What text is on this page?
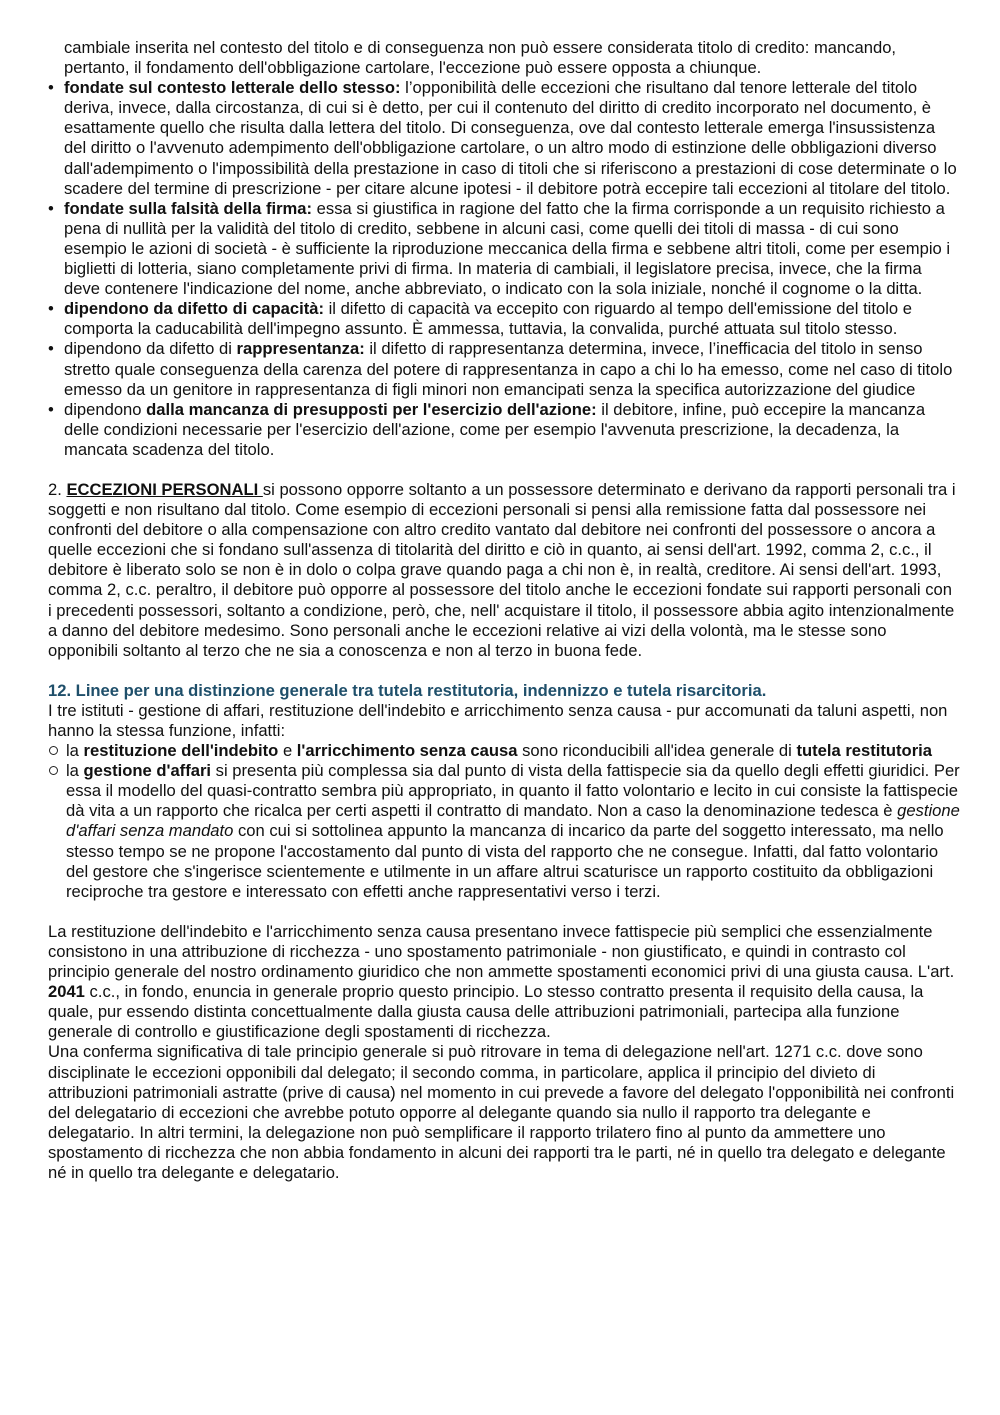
cambiale inserita nel contesto del titolo e di conseguenza non può essere considerata titolo di credito: mancando, pertanto, il fondamento dell'obbligazione cartolare, l'eccezione può essere opposta a chiunque.

• fondate sul contesto letterale dello stesso: l’opponibilità delle eccezioni che risultano dal tenore letterale del titolo deriva, invece, dalla circostanza, di cui si è detto, per cui il contenuto del diritto di credito incorporato nel documento, è esattamente quello che risulta dalla lettera del titolo. Di conseguenza, ove dal contesto letterale emerga l'insussistenza del diritto o l'avvenuto adempimento dell'obbligazione cartolare, o un altro modo di estinzione delle obbligazioni diverso dall'adempimento o l'impossibilità della prestazione in caso di titoli che si riferiscono a prestazioni di cose determinate o lo scadere del termine di prescrizione - per citare alcune ipotesi - il debitore potrà eccepire tali eccezioni al titolare del titolo.
• fondate sulla falsità della firma: essa si giustifica in ragione del fatto che la firma corrisponde a un requisito richiesto a pena di nullità per la validità del titolo di credito, sebbene in alcuni casi, come quelli dei titoli di massa - di cui sono esempio le azioni di società - è sufficiente la riproduzione meccanica della firma e sebbene altri titoli, come per esempio i biglietti di lotteria, siano completamente privi di firma. In materia di cambiali, il legislatore precisa, invece, che la firma deve contenere l'indicazione del nome, anche abbreviato, o indicato con la sola iniziale, nonché il cognome o la ditta.
• dipendono da difetto di capacità: il difetto di capacità va eccepito con riguardo al tempo dell'emissione del titolo e comporta la caducabilità dell'impegno assunto. È ammessa, tuttavia, la convalida, purché attuata sul titolo stesso.
• dipendono da difetto di rappresentanza: il difetto di rappresentanza determina, invece, l’inefficacia del titolo in senso stretto quale conseguenza della carenza del potere di rappresentanza in capo a chi lo ha emesso, come nel caso di titolo emesso da un genitore in rappresentanza di figli minori non emancipati senza la specifica autorizzazione del giudice
• dipendono dalla mancanza di presupposti per l'esercizio dell'azione: il debitore, infine, può eccepire la mancanza delle condizioni necessarie per l'esercizio dell'azione, come per esempio l'avvenuta prescrizione, la decadenza, la mancata scadenza del titolo.

2. ECCEZIONI PERSONALI si possono opporre soltanto a un possessore determinato e derivano da rapporti personali tra i soggetti e non risultano dal titolo. Come esempio di eccezioni personali si pensi alla remissione fatta dal possessore nei confronti del debitore o alla compensazione con altro credito vantato dal debitore nei confronti del possessore o ancora a quelle eccezioni che si fondano sull'assenza di titolarità del diritto e ciò in quanto, ai sensi dell'art. 1992, comma 2, c.c., il debitore è liberato solo se non è in dolo o colpa grave quando paga a chi non è, in realtà, creditore. Ai sensi dell'art. 1993, comma 2, c.c. peraltro, il debitore può opporre al possessore del titolo anche le eccezioni fondate sui rapporti personali con i precedenti possessori, soltanto a condizione, però, che, nell' acquistare il titolo, il possessore abbia agito intenzionalmente a danno del debitore medesimo. Sono personali anche le eccezioni relative ai vizi della volontà, ma le stesse sono opponibili soltanto al terzo che ne sia a conoscenza e non al terzo in buona fede.

12. Linee per una distinzione generale tra tutela restitutoria, indennizzo e tutela risarcitoria.

I tre istituti - gestione di affari, restituzione dell'indebito e arricchimento senza causa - pur accomunati da taluni aspetti, non hanno la stessa funzione, infatti:

la restituzione dell'indebito e l'arricchimento senza causa sono riconducibili all'idea generale di tutela restitutoria
la gestione d'affari si presenta più complessa sia dal punto di vista della fattispecie sia da quello degli effetti giuridici. Per essa il modello del quasi-contratto sembra più appropriato, in quanto il fatto volontario e lecito in cui consiste la fattispecie dà vita a un rapporto che ricalca per certi aspetti il contratto di mandato. Non a caso la denominazione tedesca è gestione d'affari senza mandato con cui si sottolinea appunto la mancanza di incarico da parte del soggetto interessato, ma nello stesso tempo se ne propone l'accostamento dal punto di vista del rapporto che ne consegue. Infatti, dal fatto volontario del gestore che s'ingerisce scientemente e utilmente in un affare altrui scaturisce un rapporto costituito da obbligazioni reciproche tra gestore e interessato con effetti anche rappresentativi verso i terzi.

La restituzione dell'indebito e l'arricchimento senza causa presentano invece fattispecie più semplici che essenzialmente consistono in una attribuzione di ricchezza - uno spostamento patrimoniale - non giustificato, e quindi in contrasto col principio generale del nostro ordinamento giuridico che non ammette spostamenti economici privi di una giusta causa. L'art. 2041 c.c., in fondo, enuncia in generale proprio questo principio. Lo stesso contratto presenta il requisito della causa, la quale, pur essendo distinta concettualmente dalla giusta causa delle attribuzioni patrimoniali, partecipa alla funzione generale di controllo e giustificazione degli spostamenti di ricchezza.

Una conferma significativa di tale principio generale si può ritrovare in tema di delegazione nell'art. 1271 c.c. dove sono disciplinate le eccezioni opponibili dal delegato; il secondo comma, in particolare, applica il principio del divieto di attribuzioni patrimoniali astratte (prive di causa) nel momento in cui prevede a favore del delegato l'opponibilità nei confronti del delegatario di eccezioni che avrebbe potuto opporre al delegante quando sia nullo il rapporto tra delegante e delegatario. In altri termini, la delegazione non può semplificare il rapporto trilatero fino al punto da ammettere uno spostamento di ricchezza che non abbia fondamento in alcuni dei rapporti tra le parti, né in quello tra delegato e delegante né in quello tra delegante e delegatario.
